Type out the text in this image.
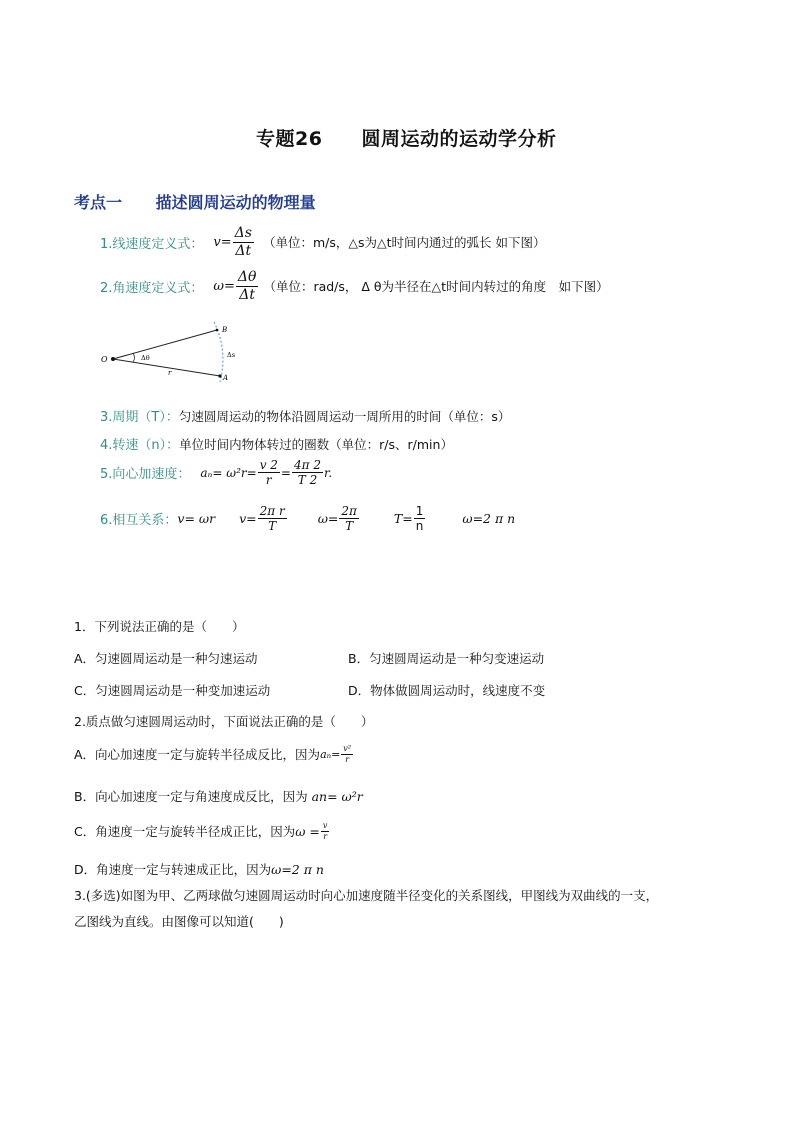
专题26　　圆周运动的运动学分析
考点一 描述圆周运动的物理量
1.线速度定义式： $v= \frac{\Delta s}{\Delta t}$ （单位：m/s，△s为△t时间内通过的弧长 如下图）
2.角速度定义式： $\omega= \frac{\Delta\theta}{\Delta t}$ （单位：rad/s， Δ θ为半径在△t时间内转过的角度　如下图）
O
B
A
Δθ	Δs
r
3.周期（T）： 匀速圆周运动的物体沿圆周运动一周所用的时间（单位：s）
4.转速（n）： 单位时间内物体转过的圈数（单位：r/s、r/min）
5.向心加速度： $a_n= \omega^2r= \frac{v 2}{r} = \frac{4\pi 2}{T 2} r$.
6.相互关系： v= ωr $v= \frac{\text{2π r}}{T} \omega= \frac{2\pi}{T}$	$T= \frac{1}{n}$	ω=2 π n
1．下列说法正确的是（　　）
A．匀速圆周运动是一种匀速运动	B．匀速圆周运动是一种匀变速运动
C．匀速圆周运动是一种变加速运动	D．物体做圆周运动时，线速度不变
2.质点做匀速圆周运动时，下面说法正确的是（　　）
A．向心加速度一定与旋转半径成反比，因为 $a_n= \frac{\text{v²}}{r}$
B．向心加速度一定与角速度成反比，因为 an= ω²r
C．角速度一定与旋转半径成正比，因为 $\omega = \frac{v}{r}$
D．角速度一定与转速成正比，因为 ω=2 π n
3.(多选)如图为甲、乙两球做匀速圆周运动时向心加速度随半径变化的关系图线，甲图线为双曲线的一支，
乙图线为直线。由图像可以知道(　　)
